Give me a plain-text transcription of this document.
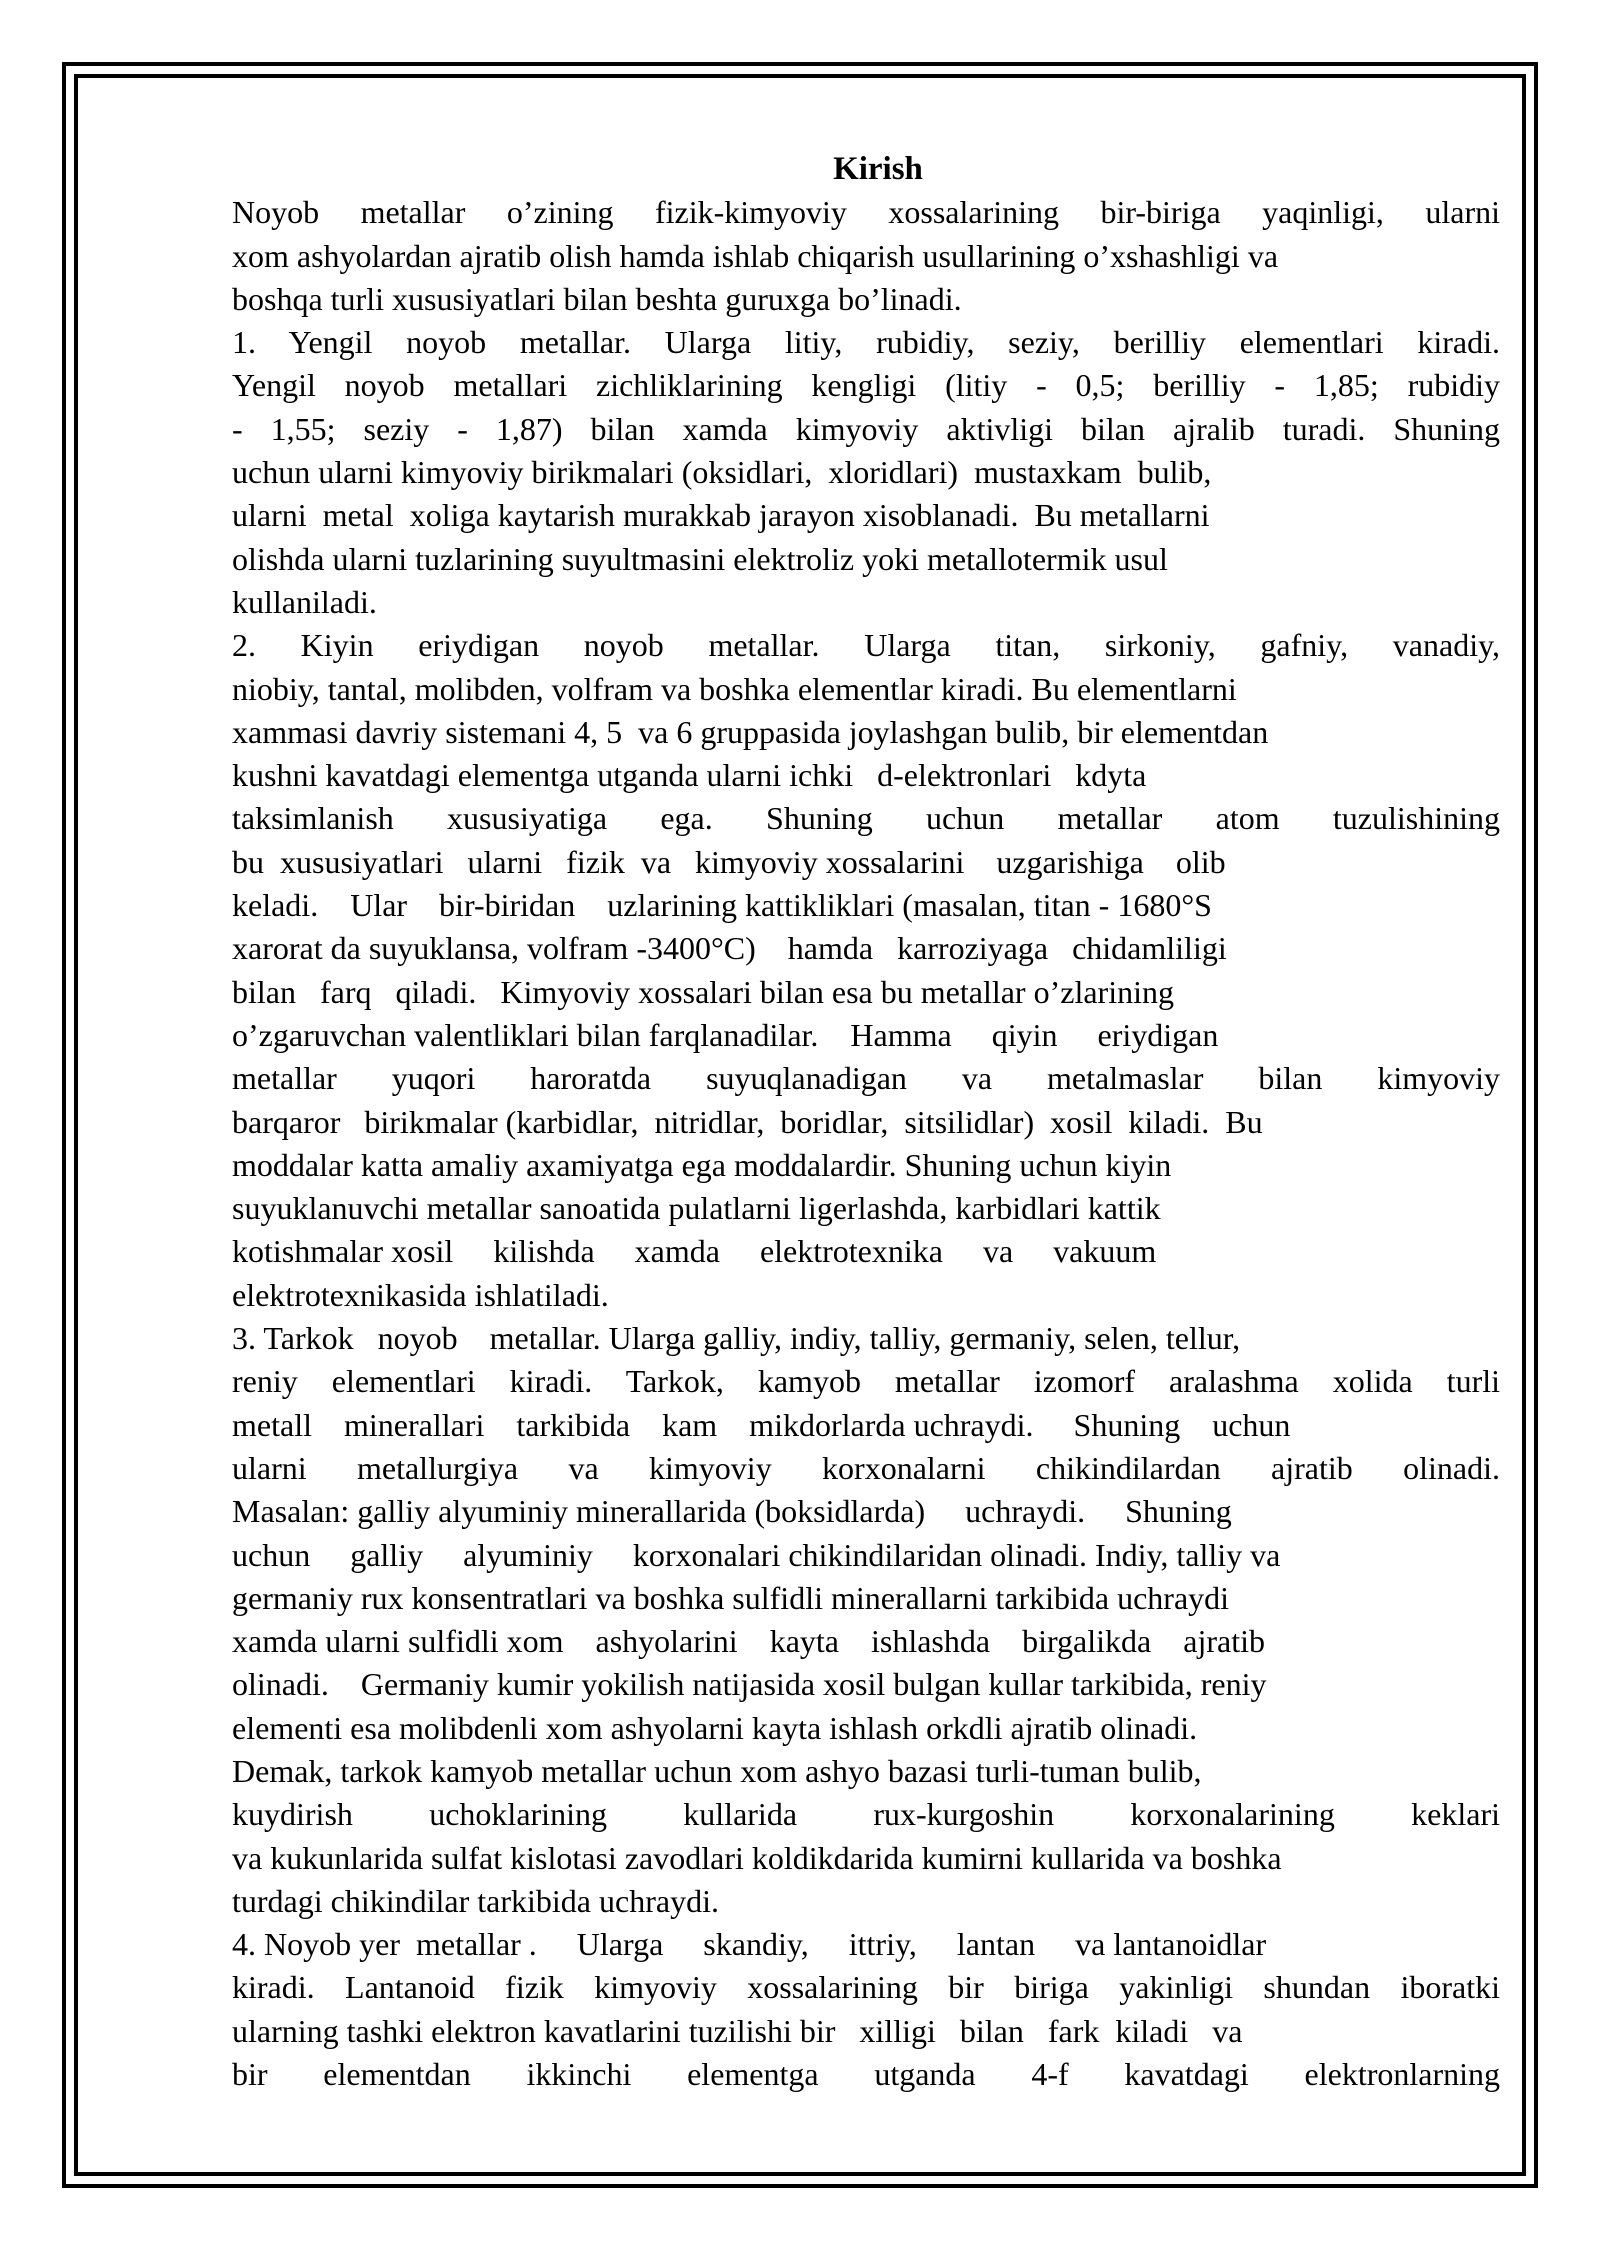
Kirish

Noyob metallar o’zining fizik-kimyoviy xossalarining bir-biriga yaqinligi, ularni
xom ashyolardan ajratib olish hamda ishlab chiqarish usullarining o’xshashligi va
boshqa turli xususiyatlari bilan beshta guruxga bo’linadi.
1. Yengil noyob metallar. Ularga litiy, rubidiy, seziy, berilliy elementlari kiradi.
Yengil noyob metallari zichliklarining kengligi (litiy - 0,5; berilliy - 1,85; rubidiy
- 1,55; seziy - 1,87) bilan xamda kimyoviy aktivligi bilan ajralib turadi. Shuning
uchun ularni kimyoviy birikmalari (oksidlari,  xloridlari)  mustaxkam  bulib,
ularni  metal  xoliga kaytarish murakkab jarayon xisoblanadi.  Bu metallarni
olishda ularni tuzlarining suyultmasini elektroliz yoki metallotermik usul
kullaniladi.
2. Kiyin eriydigan noyob metallar. Ularga titan, sirkoniy, gafniy, vanadiy,
niobiy, tantal, molibden, volfram va boshka elementlar kiradi. Bu elementlarni
xammasi davriy sistemani 4, 5  va 6 gruppasida joylashgan bulib, bir elementdan
kushni kavatdagi elementga utganda ularni ichki   d-elektronlari   kdyta
taksimlanish xususiyatiga ega. Shuning uchun metallar atom tuzulishining
bu  xususiyatlari   ularni   fizik  va   kimyoviy xossalarini    uzgarishiga    olib
keladi.    Ular    bir-biridan    uzlarining kattikliklari (masalan, titan - 1680°S
xarorat da suyuklansa, volfram -3400°C)    hamda   karroziyaga   chidamliligi
bilan   farq   qiladi.   Kimyoviy xossalari bilan esa bu metallar o’zlarining
o’zgaruvchan valentliklari bilan farqlanadilar.    Hamma     qiyin     eriydigan
metallar yuqori haroratda suyuqlanadigan va metalmaslar bilan kimyoviy
barqaror   birikmalar (karbidlar,  nitridlar,  boridlar,  sitsilidlar)  xosil  kiladi.  Bu
moddalar katta amaliy axamiyatga ega moddalardir. Shuning uchun kiyin
suyuklanuvchi metallar sanoatida pulatlarni ligerlashda, karbidlari kattik
kotishmalar xosil     kilishda     xamda     elektrotexnika     va     vakuum
elektrotexnikasida ishlatiladi.
3. Tarkok   noyob    metallar. Ularga galliy, indiy, talliy, germaniy, selen, tellur,
reniy elementlari kiradi. Tarkok, kamyob metallar izomorf aralashma xolida turli
metall    minerallari    tarkibida    kam    mikdorlarda uchraydi.     Shuning    uchun
ularni metallurgiya va kimyoviy korxonalarni chikindilardan ajratib olinadi.
Masalan: galliy alyuminiy minerallarida (boksidlarda)     uchraydi.     Shuning
uchun     galliy     alyuminiy     korxonalari chikindilaridan olinadi. Indiy, talliy va
germaniy rux konsentratlari va boshka sulfidli minerallarni tarkibida uchraydi
xamda ularni sulfidli xom    ashyolarini    kayta    ishlashda    birgalikda    ajratib
olinadi.    Germaniy kumir yokilish natijasida xosil bulgan kullar tarkibida, reniy
elementi esa molibdenli xom ashyolarni kayta ishlash orkdli ajratib olinadi.
Demak, tarkok kamyob metallar uchun xom ashyo bazasi turli-tuman bulib,
kuydirish uchoklarining kullarida rux-kurgoshin korxonalarining keklari
va kukunlarida sulfat kislotasi zavodlari koldikdarida kumirni kullarida va boshka
turdagi chikindilar tarkibida uchraydi.
4. Noyob yer  metallar .     Ularga     skandiy,     ittriy,     lantan     va lantanoidlar
kiradi. Lantanoid fizik kimyoviy xossalarining bir biriga yakinligi shundan iboratki
ularning tashki elektron kavatlarini tuzilishi bir   xilligi   bilan   fark  kiladi   va
bir elementdan ikkinchi elementga utganda 4-f kavatdagi elektronlarning
